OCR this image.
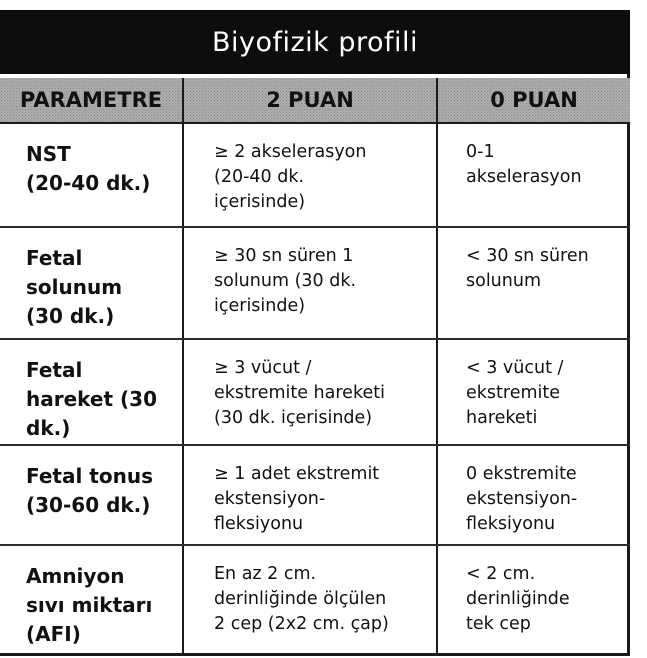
Biyofizik profili
PARAMETRE	2 PUAN	0 PUAN
NST
(20-40 dk.)
≥ 2 akselerasyon
(20-40 dk.
içerisinde)
0-1
akselerasyon
Fetal
solunum
(30 dk.)
≥ 30 sn süren 1
solunum (30 dk.
içerisinde)
< 30 sn süren
solunum
Fetal
hareket (30
dk.)
≥ 3 vücut /
ekstremite hareketi
(30 dk. içerisinde)
< 3 vücut /
ekstremite
hareketi
Fetal tonus
(30-60 dk.)
≥ 1 adet ekstremit
ekstensiyon-
fleksiyonu
0 ekstremite
ekstensiyon-
fleksiyonu
Amniyon
sıvı miktarı
(AFI)
En az 2 cm.
derinliğinde ölçülen
2 cep (2x2 cm. çap)
< 2 cm.
derinliğinde
tek cep
